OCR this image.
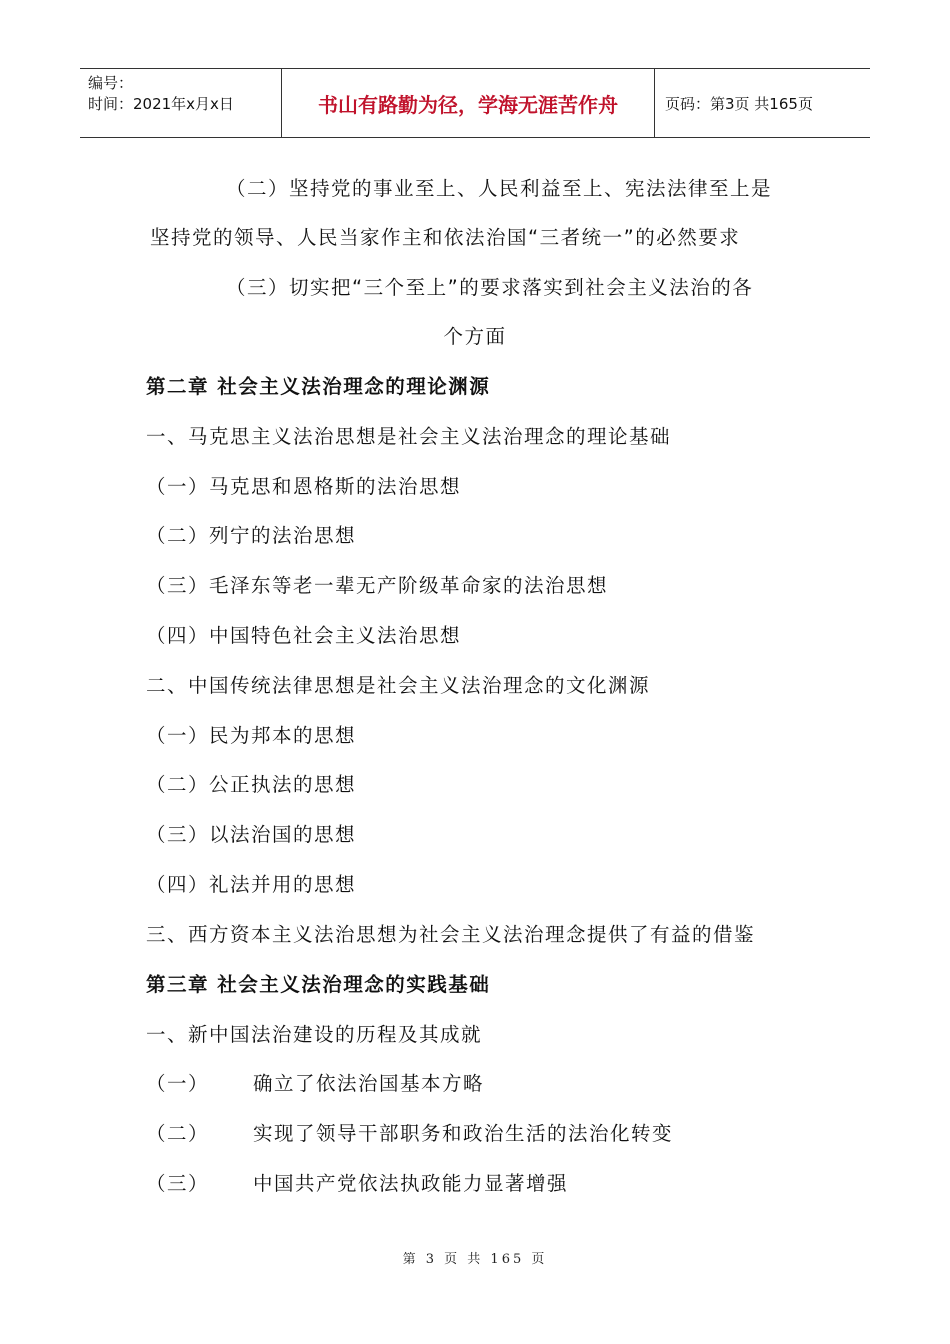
编号：
时间：2021年x月x日	书山有路勤为径，学海无涯苦作舟	页码：第3页 共165页
（二）坚持党的事业至上、人民利益至上、宪法法律至上是
坚持党的领导、人民当家作主和依法治国“三者统一”的必然要求
（三）切实把“三个至上”的要求落实到社会主义法治的各
个方面
第二章 社会主义法治理念的理论渊源
一、马克思主义法治思想是社会主义法治理念的理论基础
（一）马克思和恩格斯的法治思想
（二）列宁的法治思想
（三）毛泽东等老一辈无产阶级革命家的法治思想
（四）中国特色社会主义法治思想
二、中国传统法律思想是社会主义法治理念的文化渊源
（一）民为邦本的思想
（二）公正执法的思想
（三）以法治国的思想
（四）礼法并用的思想
三、西方资本主义法治思想为社会主义法治理念提供了有益的借鉴
第三章 社会主义法治理念的实践基础
一、新中国法治建设的历程及其成就
（一） 确立了依法治国基本方略
（二） 实现了领导干部职务和政治生活的法治化转变
（三） 中国共产党依法执政能力显著增强
第 3 页 共 165 页
